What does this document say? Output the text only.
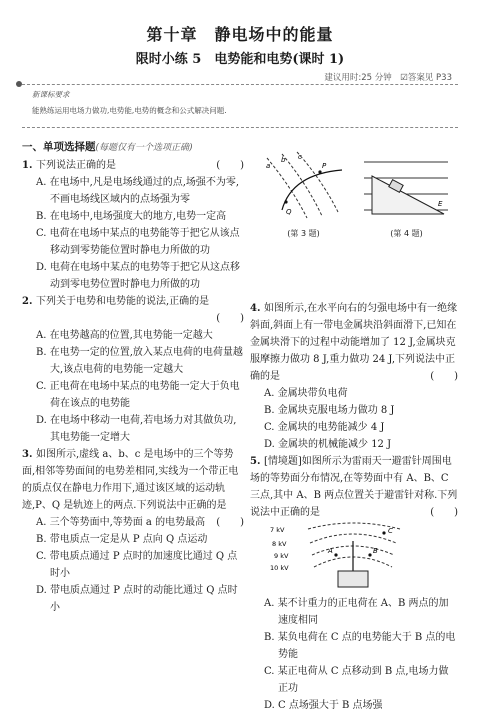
第十章　静电场中的能量
限时小练 5　电势能和电势(课时 1)
建议用时:25 分钟　☑答案见 P33
新课标要求
能熟练运用电场力做功,电势能,电势的概念和公式解决问题.
一、单项选择题(每题仅有一个选项正确)
1. 下列说法正确的是	(　　)
A. 在电场中,凡是电场线通过的点,场强不为零,不画电场线区域内的点场强为零
B. 在电场中,电场强度大的地方,电势一定高
C. 电荷在电场中某点的电势能等于把它从该点移动到零势能位置时静电力所做的功
D. 电荷在电场中某点的电势等于把它从这点移动到零电势位置时静电力所做的功
2. 下列关于电势和电势能的说法,正确的是
(　　)
A. 在电势越高的位置,其电势能一定越大
B. 在电势一定的位置,放入某点电荷的电荷量越大,该点电荷的电势能一定越大
C. 正电荷在电场中某点的电势能一定大于负电荷在该点的电势能
D. 在电场中移动一电荷,若电场力对其做负功,其电势能一定增大
3. 如图所示,虚线 a、b、c 是电场中的三个等势面,相邻等势面间的电势差相同,实线为一个带正电的质点仅在静电力作用下,通过该区域的运动轨迹,P、Q 是轨迹上的两点.下列说法中正确的是
(　　)
A. 三个等势面中,等势面 a 的电势最高
B. 带电质点一定是从 P 点向 Q 点运动
C. 带电质点通过 P 点时的加速度比通过 Q 点时小
D. 带电质点通过 P 点时的动能比通过 Q 点时小
a
b c
P
Q
E
(第 3 题)	(第 4 题)
4. 如图所示,在水平向右的匀强电场中有一绝缘斜面,斜面上有一带电金属块沿斜面滑下,已知在金属块滑下的过程中动能增加了 12 J,金属块克服摩擦力做功 8 J,重力做功 24 J,下列说法中正确的是	(　　)
A. 金属块带负电荷
B. 金属块克服电场力做功 8 J
C. 金属块的电势能减少 4 J
D. 金属块的机械能减少 12 J
5. [情境题]如图所示为雷雨天一避雷针周围电场的等势面分布情况,在等势面中有 A、B、C 三点,其中 A、B 两点位置关于避雷针对称.下列说法中正确的是	(　　)
7 kV
8 kV
9 kV
10 kV
A	B
C
A. 某不计重力的正电荷在 A、B 两点的加速度相同
B. 某负电荷在 C 点的电势能大于 B 点的电势能
C. 某正电荷从 C 点移动到 B 点,电场力做正功
D. C 点场强大于 B 点场强
